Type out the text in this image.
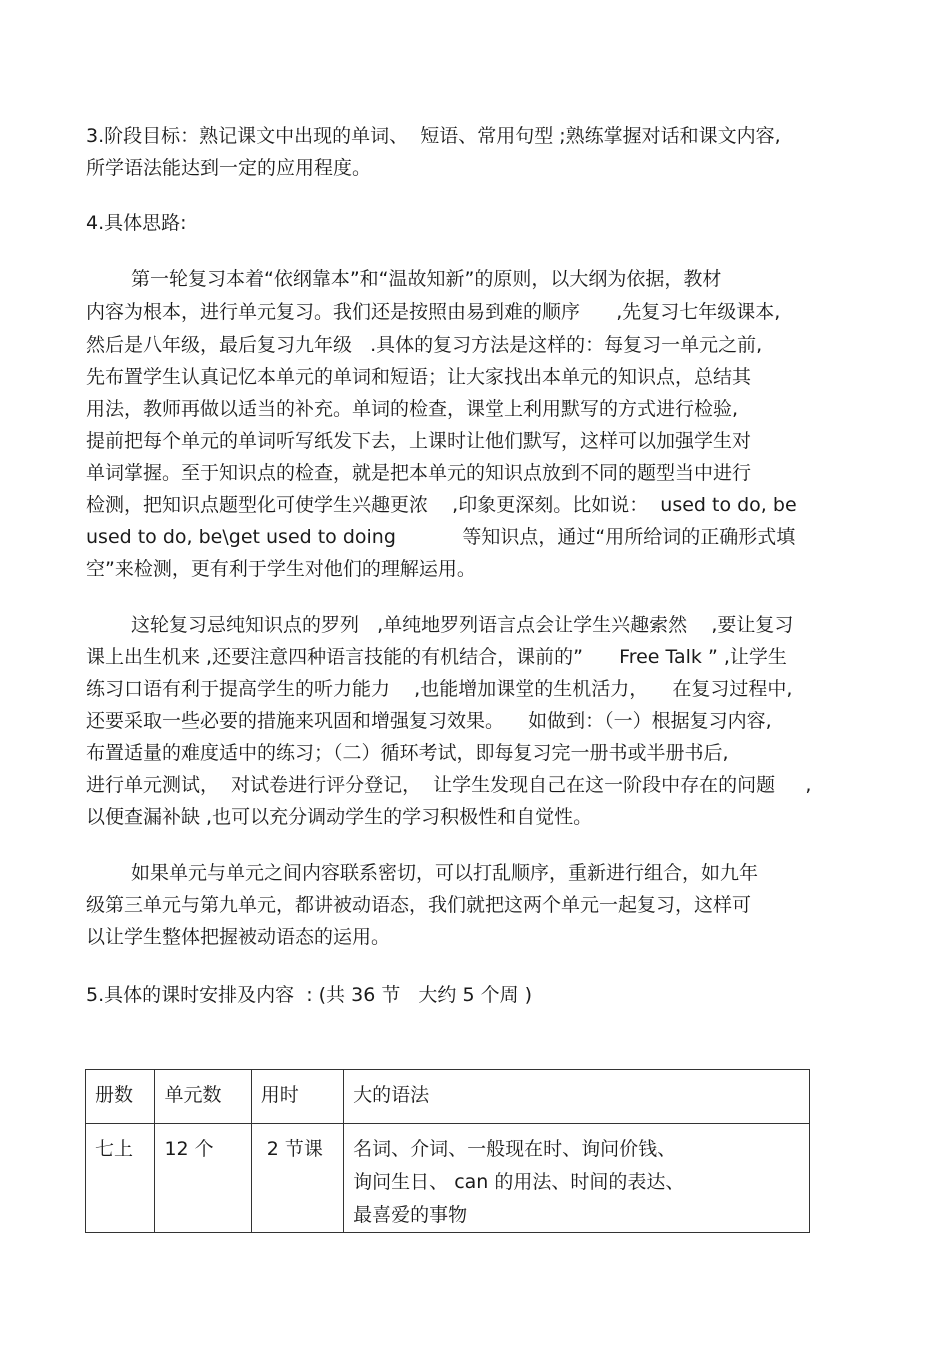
3.阶段目标：熟记课文中出现的单词、  短语、常用句型 ;熟练掌握对话和课文内容,
所学语法能达到一定的应用程度。
4.具体思路:
第一轮复习本着“依纲靠本”和“温故知新”的原则，以大纲为依据，教材
内容为根本，进行单元复习。我们还是按照由易到难的顺序      ,先复习七年级课本,
然后是八年级，最后复习九年级   .具体的复习方法是这样的：每复习一单元之前,
先布置学生认真记忆本单元的单词和短语；让大家找出本单元的知识点，总结其
用法，教师再做以适当的补充。单词的检查，课堂上利用默写的方式进行检验,
提前把每个单元的单词听写纸发下去，上课时让他们默写，这样可以加强学生对
单词掌握。至于知识点的检查，就是把本单元的知识点放到不同的题型当中进行
检测，把知识点题型化可使学生兴趣更浓    ,印象更深刻。比如说：  used to do, be
used to do, be\get used to doing           等知识点，通过“用所给词的正确形式填
空”来检测，更有利于学生对他们的理解运用。
这轮复习忌纯知识点的罗列   ,单纯地罗列语言点会让学生兴趣索然    ,要让复习
课上出生机来 ,还要注意四种语言技能的有机结合，课前的”      Free Talk ” ,让学生
练习口语有利于提高学生的听力能力    ,也能增加课堂的生机活力，    在复习过程中,
还要采取一些必要的措施来巩固和增强复习效果。    如做到：（一）根据复习内容,
布置适量的难度适中的练习；（二）循环考试，即每复习完一册书或半册书后,
进行单元测试，  对试卷进行评分登记，  让学生发现自己在这一阶段中存在的问题     ,
以便查漏补缺 ,也可以充分调动学生的学习积极性和自觉性。
如果单元与单元之间内容联系密切，可以打乱顺序，重新进行组合，如九年
级第三单元与第九单元，都讲被动语态，我们就把这两个单元一起复习，这样可
以让学生整体把握被动语态的运用。
5.具体的课时安排及内容  : (共 36 节   大约 5 个周 )
册数	单元数	用时	大的语法

七上	12 个	2 节课	名词、介词、一般现在时、询问价钱、
询问生日、 can 的用法、时间的表达、
最喜爱的事物
